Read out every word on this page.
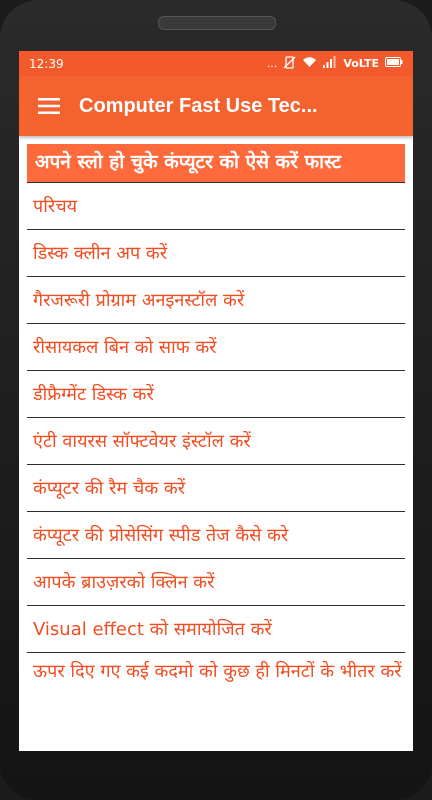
12:39	...	VoLTE
Computer Fast Use Tec...
अपने स्लो हो चुके कंप्यूटर को ऐसे करें फास्ट
परिचय
डिस्क क्लीन अप करें
गैरजरूरी प्रोग्राम अनइनस्टॉल करें
रीसायकल बिन को साफ करें
डीफ्रैग्मेंट डिस्क करें
एंटी वायरस सॉफ्टवेयर इंस्टॉल करें
कंप्यूटर की रैम चैक करें
कंप्यूटर की प्रोसेसिंग स्पीड तेज कैसे करे
आपके ब्राउज़रको क्लिन करें
Visual effect को समायोजित करें
ऊपर दिए गए कई कदमो को कुछ ही मिनटों के भीतर करें
